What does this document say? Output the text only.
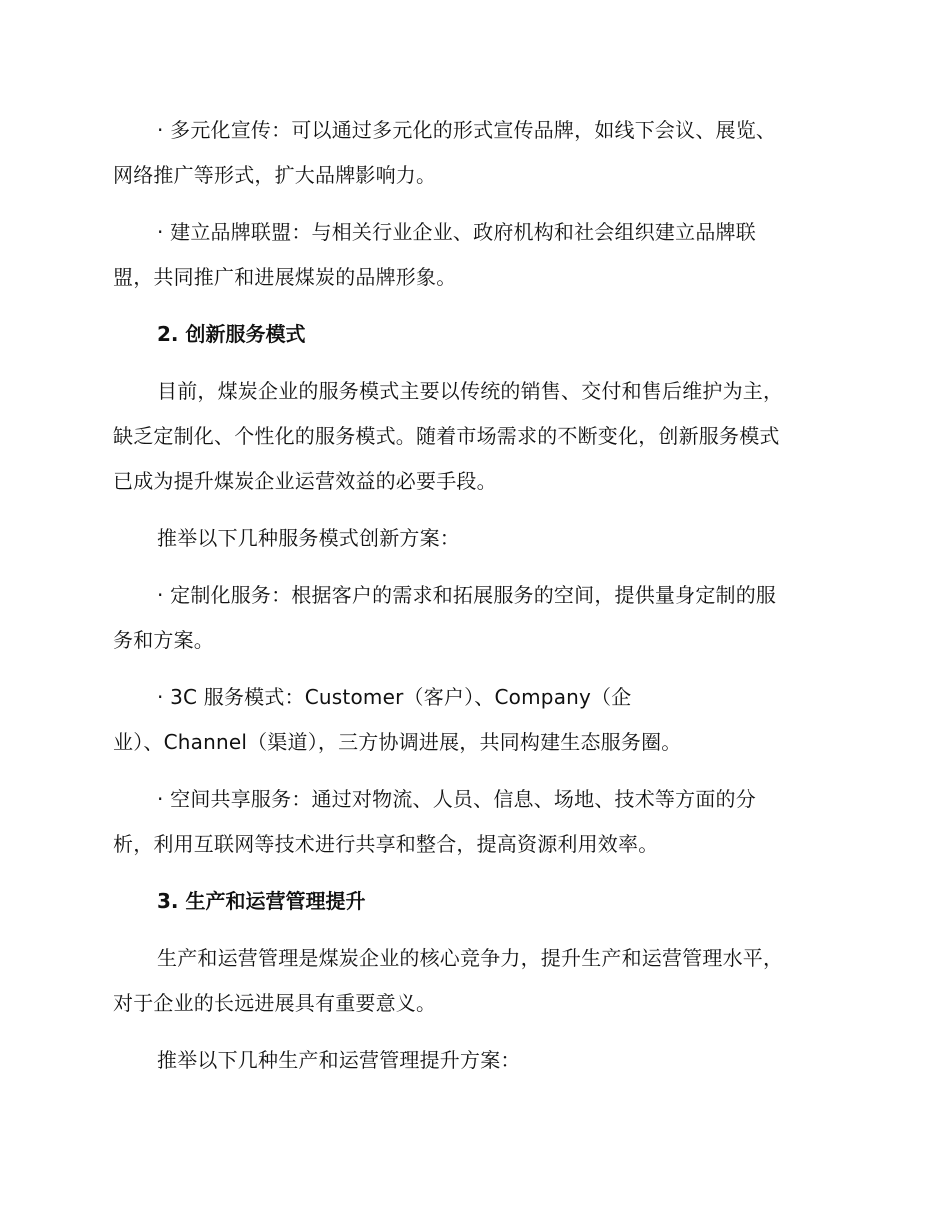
· 多元化宣传：可以通过多元化的形式宣传品牌，如线下会议、展览、
网络推广等形式，扩大品牌影响力。

· 建立品牌联盟：与相关行业企业、政府机构和社会组织建立品牌联
盟，共同推广和进展煤炭的品牌形象。

2. 创新服务模式

目前，煤炭企业的服务模式主要以传统的销售、交付和售后维护为主，
缺乏定制化、个性化的服务模式。随着市场需求的不断变化，创新服务模式
已成为提升煤炭企业运营效益的必要手段。

推举以下几种服务模式创新方案：

· 定制化服务：根据客户的需求和拓展服务的空间，提供量身定制的服
务和方案。

· 3C 服务模式：Customer（客户）、Company（企
业）、Channel（渠道），三方协调进展，共同构建生态服务圈。

· 空间共享服务：通过对物流、人员、信息、场地、技术等方面的分
析，利用互联网等技术进行共享和整合，提高资源利用效率。

3. 生产和运营管理提升

生产和运营管理是煤炭企业的核心竞争力，提升生产和运营管理水平，
对于企业的长远进展具有重要意义。

推举以下几种生产和运营管理提升方案：
